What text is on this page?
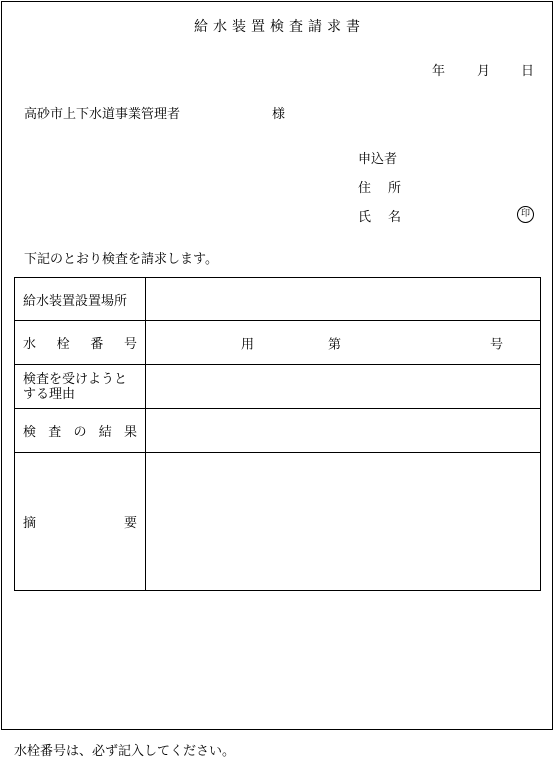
給水装置検査請求書
年 月 日
高砂市上下水道事業管理者	様
申込者
住 所
氏 名	印
下記のとおり検査を請求します。
給水装置設置場所	

水 栓 番 号	用 第 号

検査を受けようとする理由	

検 査 の 結 果	

摘 要	

水栓番号は、必ず記入してください。
